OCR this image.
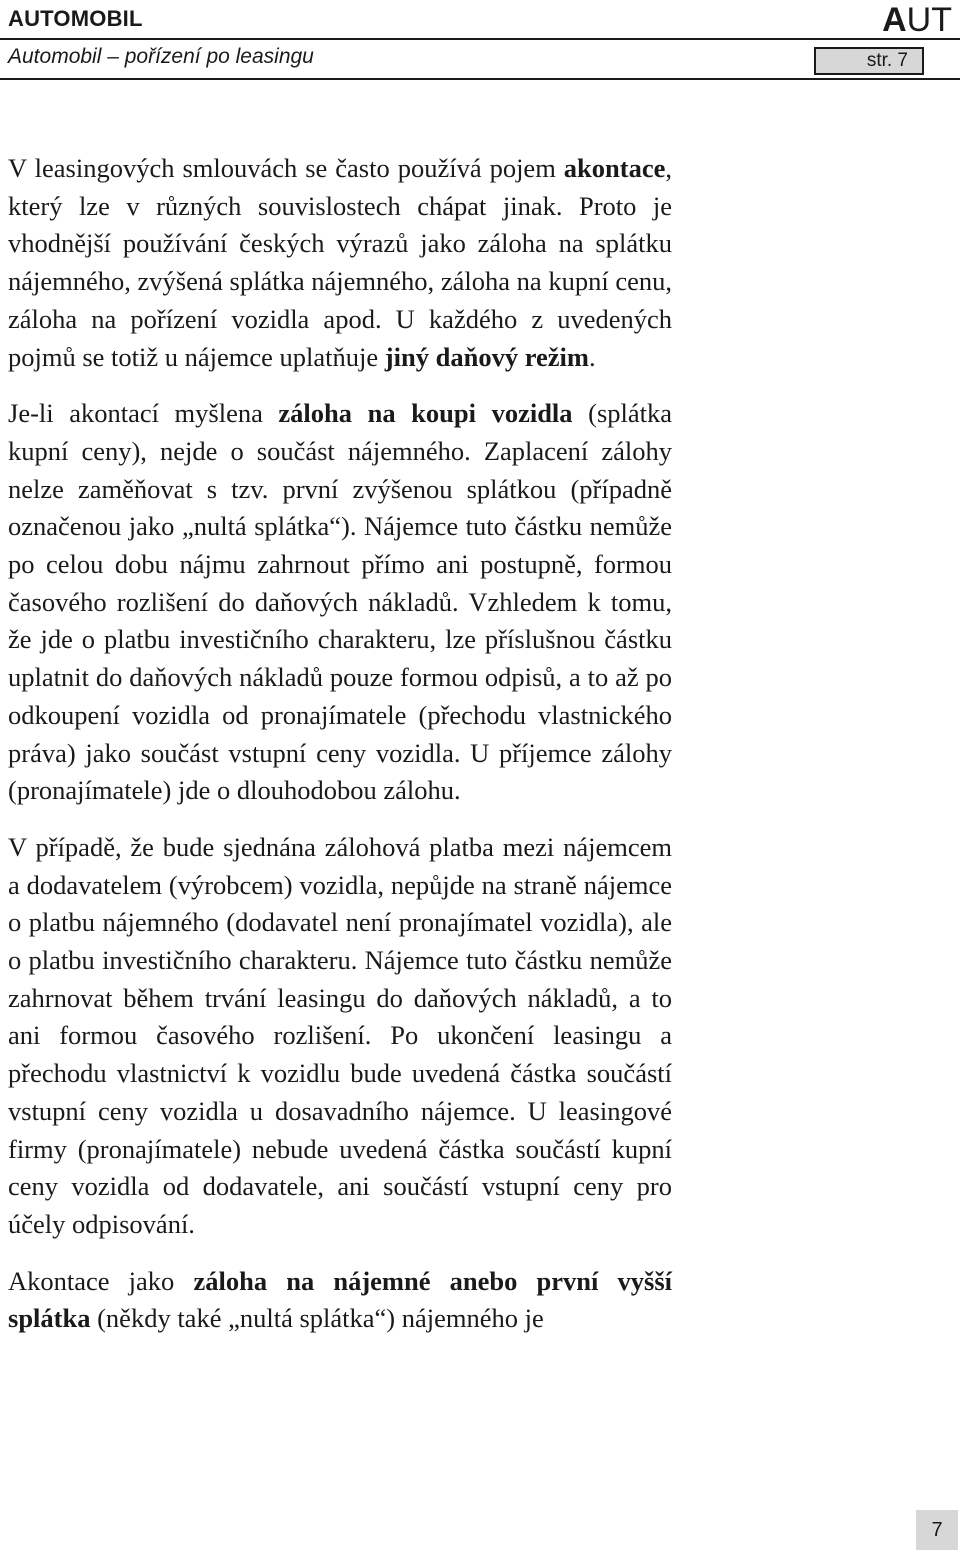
AUTOMOBIL	AUT
Automobil – pořízení po leasingu	str. 7

V leasingových smlouvách se často používá pojem akontace, který lze v různých souvislostech chápat jinak. Proto je vhodnější používání českých výrazů jako záloha na splátku nájemného, zvýšená splátka nájemného, záloha na kupní cenu, záloha na pořízení vozidla apod. U každého z uvedených pojmů se totiž u nájemce uplatňuje jiný daňový režim.

Je-li akontací myšlena záloha na koupi vozidla (splátka kupní ceny), nejde o součást nájemného. Zaplacení zálohy nelze zaměňovat s tzv. první zvýšenou splátkou (případně označenou jako „nultá splátka“). Nájemce tuto částku nemůže po celou dobu nájmu zahrnout přímo ani postupně, formou časového rozlišení do daňových nákladů. Vzhledem k tomu, že jde o platbu investičního charakteru, lze příslušnou částku uplatnit do daňových nákladů pouze formou odpisů, a to až po odkoupení vozidla od pronajímatele (přechodu vlastnického práva) jako součást vstupní ceny vozidla. U příjemce zálohy (pronajímatele) jde o dlouhodobou zálohu.

V případě, že bude sjednána zálohová platba mezi nájemcem a dodavatelem (výrobcem) vozidla, nepůjde na straně nájemce o platbu nájemného (dodavatel není pronajímatel vozidla), ale o platbu investičního charakteru. Nájemce tuto částku nemůže zahrnovat během trvání leasingu do daňových nákladů, a to ani formou časového rozlišení. Po ukončení leasingu a přechodu vlastnictví k vozidlu bude uvedená částka součástí vstupní ceny vozidla u dosavadního nájemce. U leasingové firmy (pronajímatele) nebude uvedená částka součástí kupní ceny vozidla od dodavatele, ani součástí vstupní ceny pro účely odpisování.

Akontace jako záloha na nájemné anebo první vyšší splátka (někdy také „nultá splátka“) nájemného je

7
